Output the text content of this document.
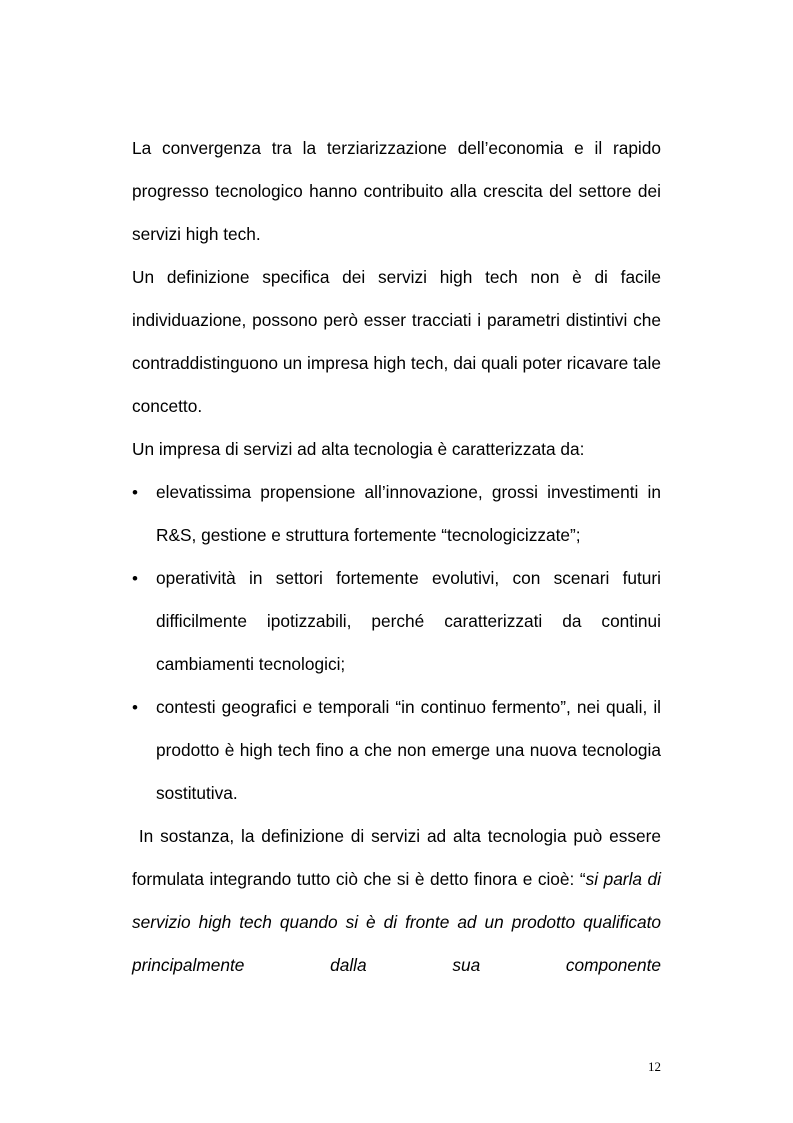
La convergenza tra la terziarizzazione dell’economia e il rapido progresso tecnologico hanno contribuito alla crescita del settore dei servizi high tech.

Un definizione specifica dei servizi high tech non è di facile individuazione, possono però esser tracciati i parametri distintivi che contraddistinguono un impresa high tech, dai quali poter ricavare tale concetto.

Un impresa di servizi ad alta tecnologia è caratterizzata da:

• elevatissima propensione all’innovazione, grossi investimenti in R&S, gestione e struttura fortemente “tecnologicizzate”;
• operatività in settori fortemente evolutivi, con scenari futuri difficilmente ipotizzabili, perché caratterizzati da continui cambiamenti tecnologici;
• contesti geografici e temporali “in continuo fermento”, nei quali, il prodotto è high tech fino a che non emerge una nuova tecnologia sostitutiva.

In sostanza, la definizione di servizi ad alta tecnologia può essere formulata integrando tutto ciò che si è detto finora e cioè: “si parla di servizio high tech quando si è di fronte ad un prodotto qualificato principalmente dalla sua componente

12
